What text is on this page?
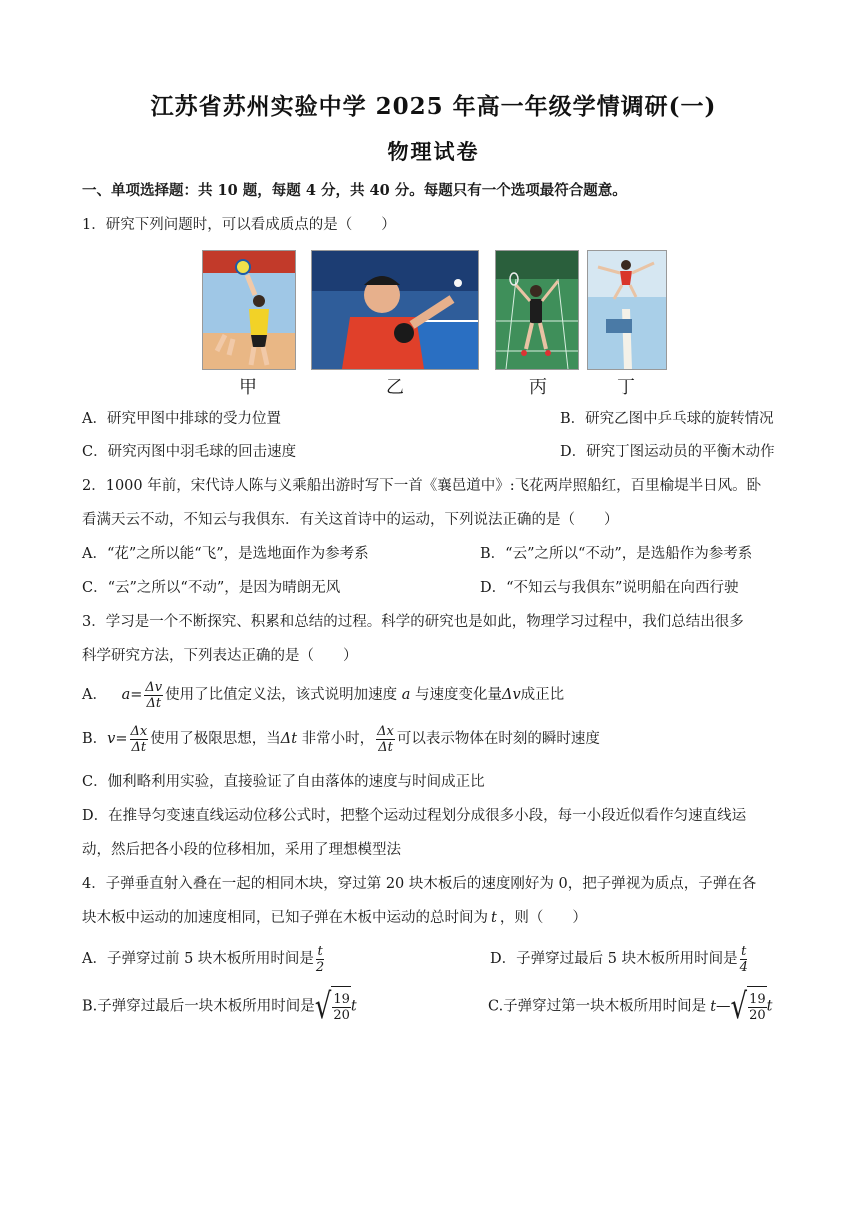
江苏省苏州实验中学 2025 年高一年级学情调研(一)
物理试卷
一、单项选择题：共 10 题，每题 4 分，共 40 分。每题只有一个选项最符合题意。
1．研究下列问题时，可以看成质点的是（　　）
甲	乙	丙	丁
A．研究甲图中排球的受力位置	B．研究乙图中乒乓球的旋转情况
C．研究丙图中羽毛球的回击速度	D．研究丁图运动员的平衡木动作
2．1000 年前，宋代诗人陈与义乘船出游时写下一首《襄邑道中》:飞花两岸照船红，百里榆堤半日风。卧
看满天云不动，不知云与我俱东．有关这首诗中的运动，下列说法正确的是（　　）
A．“花”之所以能“飞”，是选地面作为参考系	B．“云”之所以“不动”，是选船作为参考系
C．“云”之所以“不动”，是因为晴朗无风	D．“不知云与我俱东”说明船在向西行驶
3．学习是一个不断探究、积累和总结的过程。科学的研究也是如此，物理学习过程中，我们总结出很多
科学研究方法，下列表达正确的是（　　）
A． $a= \frac{\Delta v}{\Delta t}$ 使用了比值定义法，该式说明加速度 a 与速度变化量Δv成正比
B．$v= \frac{\Delta x}{\Delta t}$ 使用了极限思想，当Δt 非常小时， $\frac{\Delta x}{\Delta t}$ 可以表示物体在时刻的瞬时速度
C．伽利略利用实验，直接验证了自由落体的速度与时间成正比
D．在推导匀变速直线运动位移公式时，把整个运动过程划分成很多小段，每一小段近似看作匀速直线运
动，然后把各小段的位移相加，采用了理想模型法
4．子弹垂直射入叠在一起的相同木块，穿过第 20 块木板后的速度刚好为 0，把子弹视为质点，子弹在各
块木板中运动的加速度相同，已知子弹在木板中运动的总时间为 t ，则（　　）
A．子弹穿过前 5 块木板所用时间是 $\frac{t}{2}$	D．子弹穿过最后 5 块木板所用时间是 $\frac{t}{4}$
B.子弹穿过最后一块木板所用时间是 √ $\frac{19}{20}$ t	C.子弹穿过第一块木板所用时间是 t— √ $\frac{19}{20}$ t
